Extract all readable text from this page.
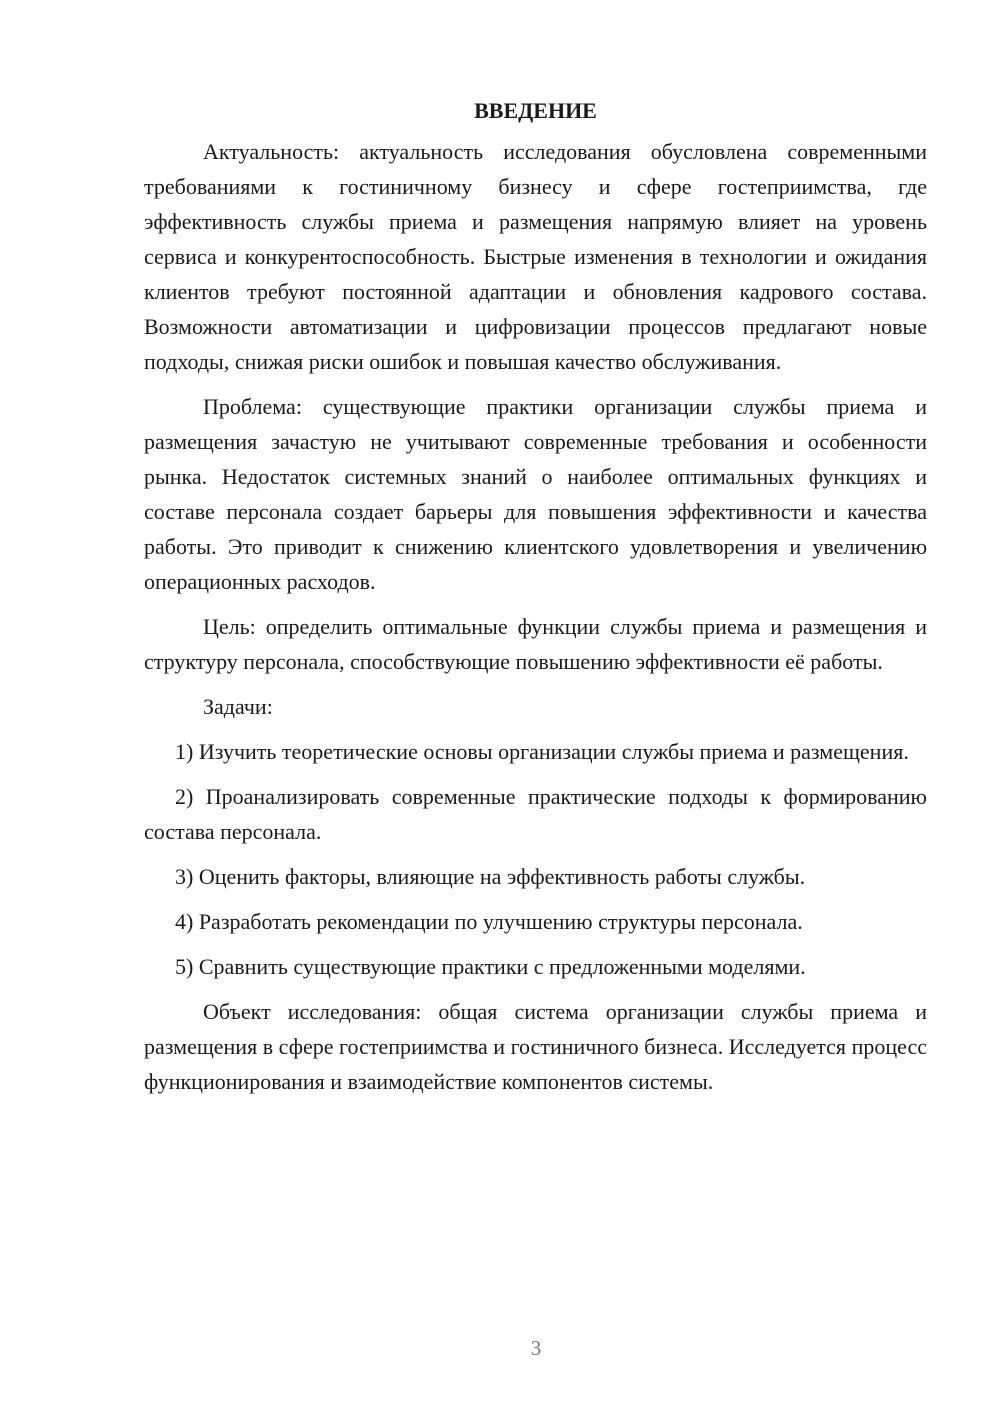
ВВЕДЕНИЕ

Актуальность: актуальность исследования обусловлена современными требованиями к гостиничному бизнесу и сфере гостеприимства, где эффективность службы приема и размещения напрямую влияет на уровень сервиса и конкурентоспособность. Быстрые изменения в технологии и ожидания клиентов требуют постоянной адаптации и обновления кадрового состава. Возможности автоматизации и цифровизации процессов предлагают новые подходы, снижая риски ошибок и повышая качество обслуживания.

Проблема: существующие практики организации службы приема и размещения зачастую не учитывают современные требования и особенности рынка. Недостаток системных знаний о наиболее оптимальных функциях и составе персонала создает барьеры для повышения эффективности и качества работы. Это приводит к снижению клиентского удовлетворения и увеличению операционных расходов.

Цель: определить оптимальные функции службы приема и размещения и структуру персонала, способствующие повышению эффективности её работы.

Задачи:

1) Изучить теоретические основы организации службы приема и размещения.

2) Проанализировать современные практические подходы к формированию состава персонала.

3) Оценить факторы, влияющие на эффективность работы службы.

4) Разработать рекомендации по улучшению структуры персонала.

5) Сравнить существующие практики с предложенными моделями.

Объект исследования: общая система организации службы приема и размещения в сфере гостеприимства и гостиничного бизнеса. Исследуется процесс функционирования и взаимодействие компонентов системы.

3
